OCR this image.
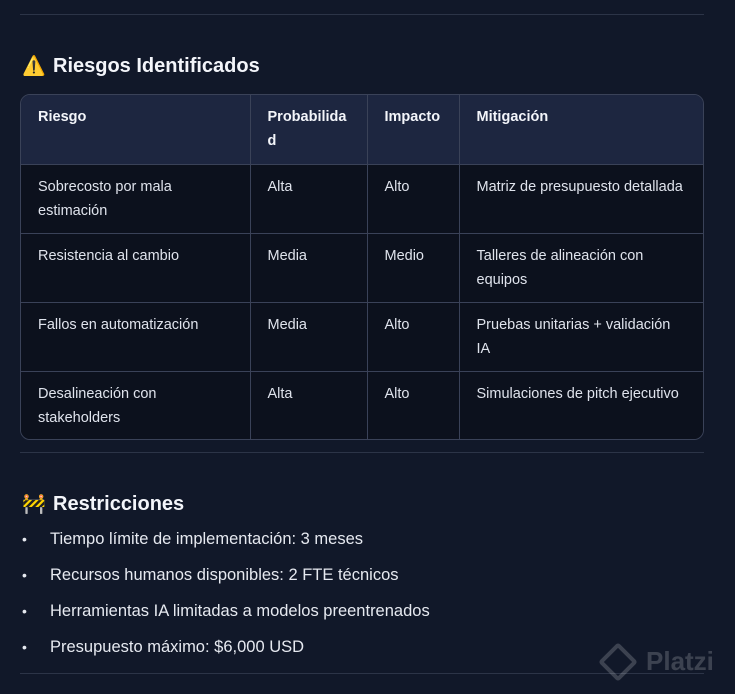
⚠️ Riesgos Identificados
Riesgo	Probabilidad	Impacto	Mitigación
Sobrecosto por mala estimación	Alta	Alto	Matriz de presupuesto detallada
Resistencia al cambio	Media	Medio	Talleres de alineación con equipos
Fallos en automatización	Media	Alto	Pruebas unitarias + validación IA
Desalineación con stakeholders	Alta	Alto	Simulaciones de pitch ejecutivo
🚧 Restricciones
• Tiempo límite de implementación: 3 meses
• Recursos humanos disponibles: 2 FTE técnicos
• Herramientas IA limitadas a modelos preentrenados
• Presupuesto máximo: $6,000 USD	Platzi
